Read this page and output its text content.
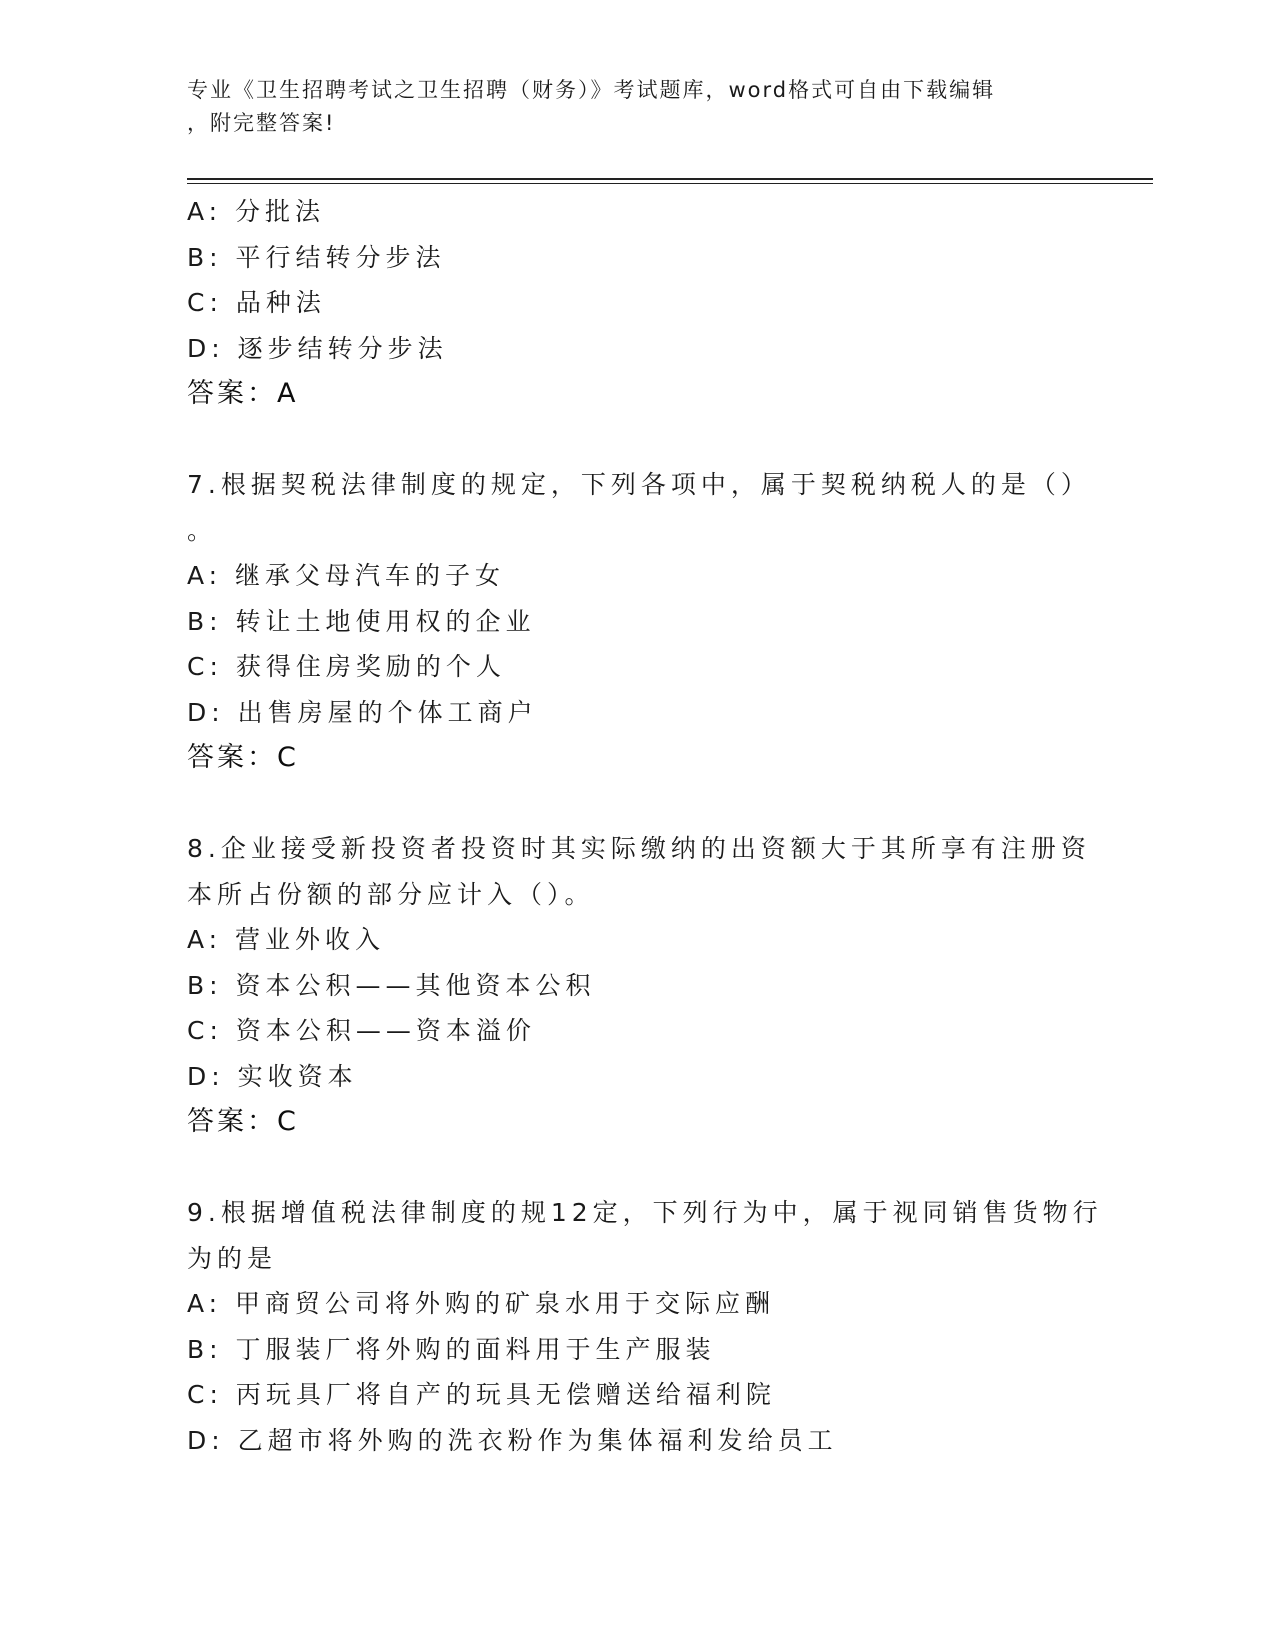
专业《卫生招聘考试之卫生招聘（财务）》考试题库，word格式可自由下载编辑
，附完整答案!
A: 分批法
B: 平行结转分步法
C: 品种法
D: 逐步结转分步法
答案：A
7.根据契税法律制度的规定，下列各项中，属于契税纳税人的是（）
。
A: 继承父母汽车的子女
B: 转让土地使用权的企业
C: 获得住房奖励的个人
D: 出售房屋的个体工商户
答案：C
8.企业接受新投资者投资时其实际缴纳的出资额大于其所享有注册资
本所占份额的部分应计入（）。
A: 营业外收入
B: 资本公积——其他资本公积
C: 资本公积——资本溢价
D: 实收资本
答案：C
9.根据增值税法律制度的规12定，下列行为中，属于视同销售货物行
为的是
A: 甲商贸公司将外购的矿泉水用于交际应酬
B: 丁服装厂将外购的面料用于生产服装
C: 丙玩具厂将自产的玩具无偿赠送给福利院
D: 乙超市将外购的洗衣粉作为集体福利发给员工
